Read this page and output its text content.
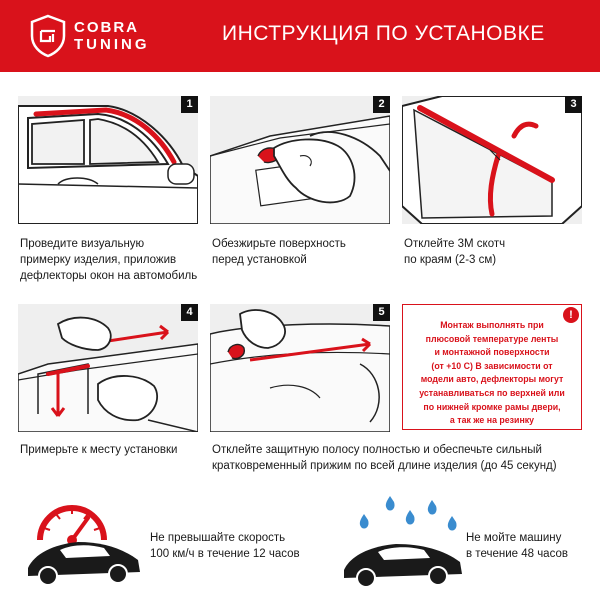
COBRA
TUNING	ИНСТРУКЦИЯ ПО УСТАНОВКЕ
1	2	3
Проведите визуальную
примерку изделия, приложив
дефлекторы окон на автомобиль
Обезжирьте поверхность
перед установкой
Отклейте 3М скотч
по краям (2-3 см)
4	5	!
Монтаж выполнять при
плюсовой температуре ленты
и монтажной поверхности
(от +10 С) В зависимости от
модели авто, дефлекторы могут
устанавливаться по верхней или
по нижней кромке рамы двери,
а так же на резинку
Примерьте к месту установки	Отклейте защитную полосу полностью и обеспечьте сильный
кратковременный прижим по всей длине изделия (до 45 секунд)
Не превышайте скорость
100 км/ч в течение 12 часов
Не мойте машину
в течение 48 часов
